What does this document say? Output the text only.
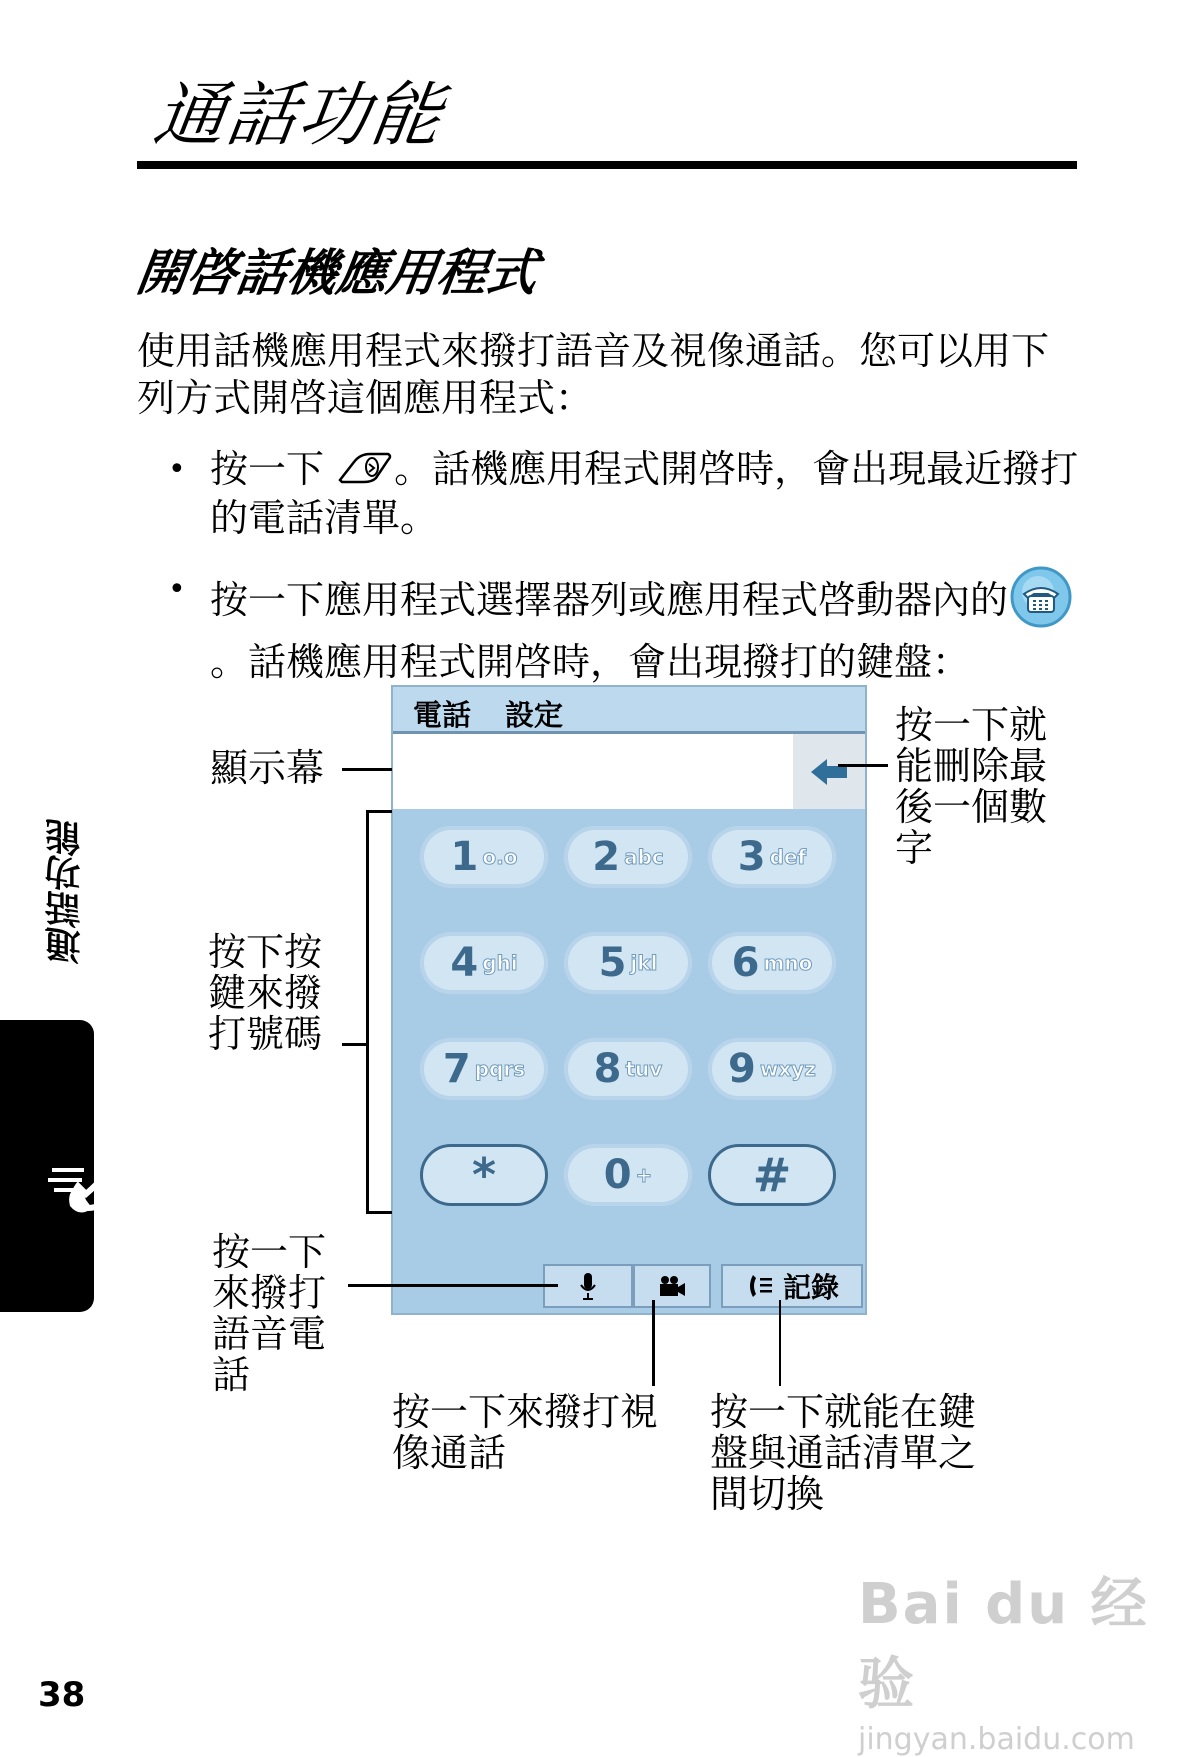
通話功能
開啓話機應用程式
使用話機應用程式來撥打語音及視像通話。您可以用下列方式開啓這個應用程式：
• 按一下 。話機應用程式開啓時，會出現最近撥打的電話清單。
• 按一下應用程式選擇器列或應用程式啓動器內的。話機應用程式開啓時，會出現撥打的鍵盤：
電話 設定
1 o.o 2 abc 3 def
4 ghi 5 jkl 6 mno
7 pqrs 8 tuv 9 wxyz
*	0 + #
記錄
顯示幕
按一下就能刪除最後一個數字
按下按鍵來撥打號碼
按一下來撥打語音電話
按一下來撥打視像通話
按一下就能在鍵盤與通話清單之間切換
通話功能
38
Bai du 经验
jingyan.baidu.com
